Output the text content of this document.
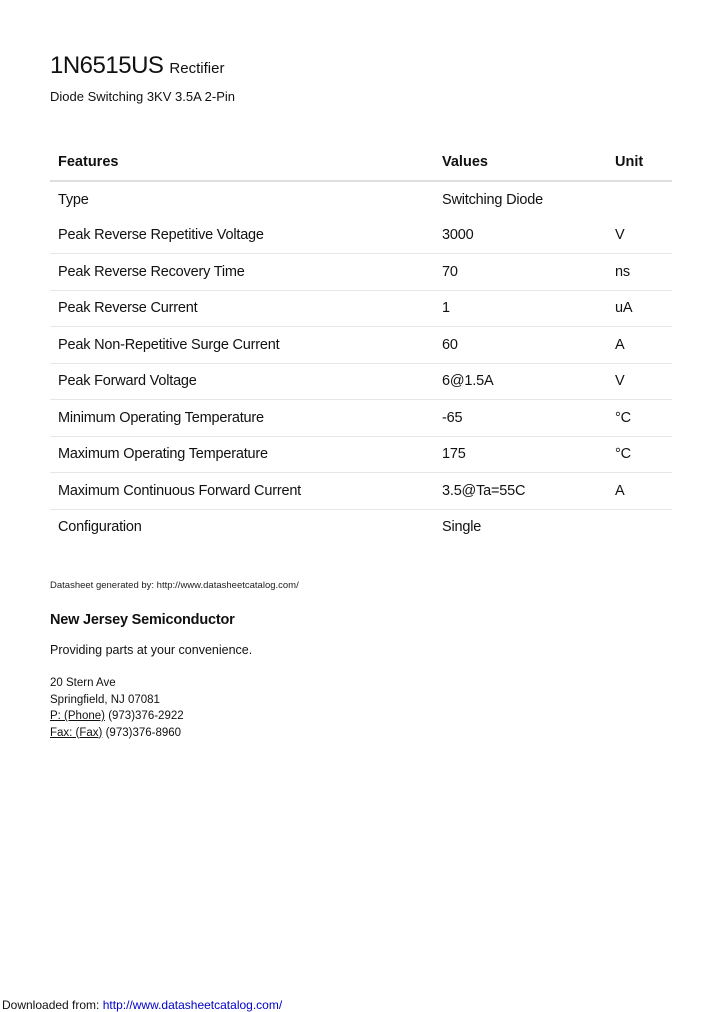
1N6515US Rectifier
Diode Switching 3KV 3.5A 2-Pin
Features	Values	Unit
Type	Switching Diode	
Peak Reverse Repetitive Voltage	3000	V
Peak Reverse Recovery Time	70	ns
Peak Reverse Current	1	uA
Peak Non-Repetitive Surge Current	60	A
Peak Forward Voltage	6@1.5A	V
Minimum Operating Temperature	-65	°C
Maximum Operating Temperature	175	°C
Maximum Continuous Forward Current	3.5@Ta=55C	A
Configuration	Single	
Datasheet generated by: http://www.datasheetcatalog.com/
New Jersey Semiconductor
Providing parts at your convenience.
20 Stern Ave
Springfield, NJ 07081
P: (Phone) (973)376-2922
Fax: (Fax) (973)376-8960
Downloaded from: http://www.datasheetcatalog.com/
